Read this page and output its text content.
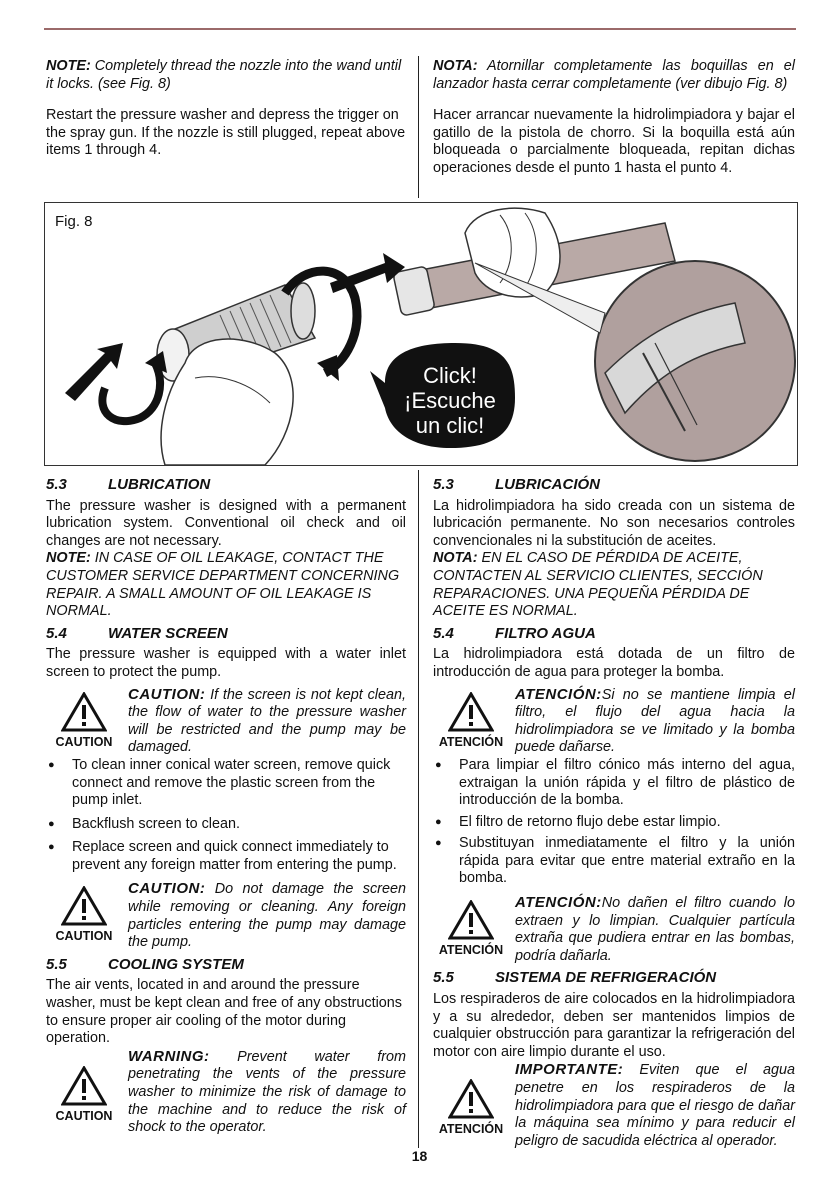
NOTE: Completely thread the nozzle into the wand until it locks. (see Fig. 8)

Restart the pressure washer and depress the trigger on the spray gun. If the nozzle is still plugged, repeat above items 1 through 4.

NOTA: Atornillar completamente las boquillas en el lanzador hasta cerrar completamente (ver dibujo Fig. 8)

Hacer arrancar nuevamente la hidrolimpiadora y bajar el gatillo de la pistola de chorro. Si la boquilla está aún bloqueada o parcialmente bloqueada, repitan dichas operaciones desde el punto 1 hasta el punto 4.

Fig. 8
Click!
¡Escuche
un clic!
5.3	LUBRICATION

The pressure washer is designed with a permanent lubrication system. Conventional oil check and oil changes are not necessary.

NOTE: IN CASE OF OIL LEAKAGE, CONTACT THE CUSTOMER SERVICE DEPARTMENT CONCERNING REPAIR. A SMALL AMOUNT OF OIL LEAKAGE IS NORMAL.

5.4	WATER SCREEN

The pressure washer is equipped with a water inlet screen to protect the pump.

CAUTION

CAUTION: If the screen is not kept clean, the flow of water to the pressure washer will be restricted and the pump may be damaged.

● To clean inner conical water screen, remove quick connect and remove the plastic screen from the pump inlet.
● Backflush screen to clean.
● Replace screen and quick connect immediately to prevent any foreign matter from entering the pump.
CAUTION

CAUTION: Do not damage the screen while removing or cleaning. Any foreign particles entering the pump may damage the pump.

5.5	COOLING SYSTEM

The air vents, located in and around the pressure washer, must be kept clean and free of any obstructions to ensure proper air cooling of the motor during operation.

CAUTION

WARNING: Prevent water from penetrating the vents of the pressure washer to minimize the risk of damage to the machine and to reduce the risk of shock to the operator.

5.3	LUBRICACIÓN

La hidrolimpiadora ha sido creada con un sistema de lubricación permanente. No son necesarios controles convencionales ni la substitución de aceites.

NOTA: EN EL CASO DE PÉRDIDA DE ACEITE, CONTACTEN AL SERVICIO CLIENTES, SECCIÓN REPARACIONES. UNA PEQUEÑA PÉRDIDA DE ACEITE ES NORMAL.

5.4	FILTRO AGUA

La hidrolimpiadora está dotada de un filtro de introducción de agua para proteger la bomba.

ATENCIÓN

ATENCIÓN:Si no se mantiene limpia el filtro, el flujo del agua hacia la hidrolimpiadora se ve limitado y la bomba puede dañarse.

● Para limpiar el filtro cónico más interno del agua, extraigan la unión rápida y el filtro de plástico de introducción de la bomba.
● El filtro de retorno flujo debe estar limpio.
● Substituyan inmediatamente el filtro y la unión rápida para evitar que entre material extraño en la bomba.
ATENCIÓN

ATENCIÓN:No dañen el filtro cuando lo extraen y lo limpian. Cualquier partícula extraña que pudiera entrar en las bombas, podría dañarla.

5.5	SISTEMA DE REFRIGERACIÓN

Los respiraderos de aire colocados en la hidrolimpiadora y a su alrededor, deben ser mantenidos limpios de cualquier obstrucción para garantizar la refrigeración del motor con aire limpio durante el uso.

ATENCIÓN

IMPORTANTE: Eviten que el agua penetre en los respiraderos de la hidrolimpiadora para que el riesgo de dañar la máquina sea mínimo y para reducir el peligro de sacudida eléctrica al operador.

18
